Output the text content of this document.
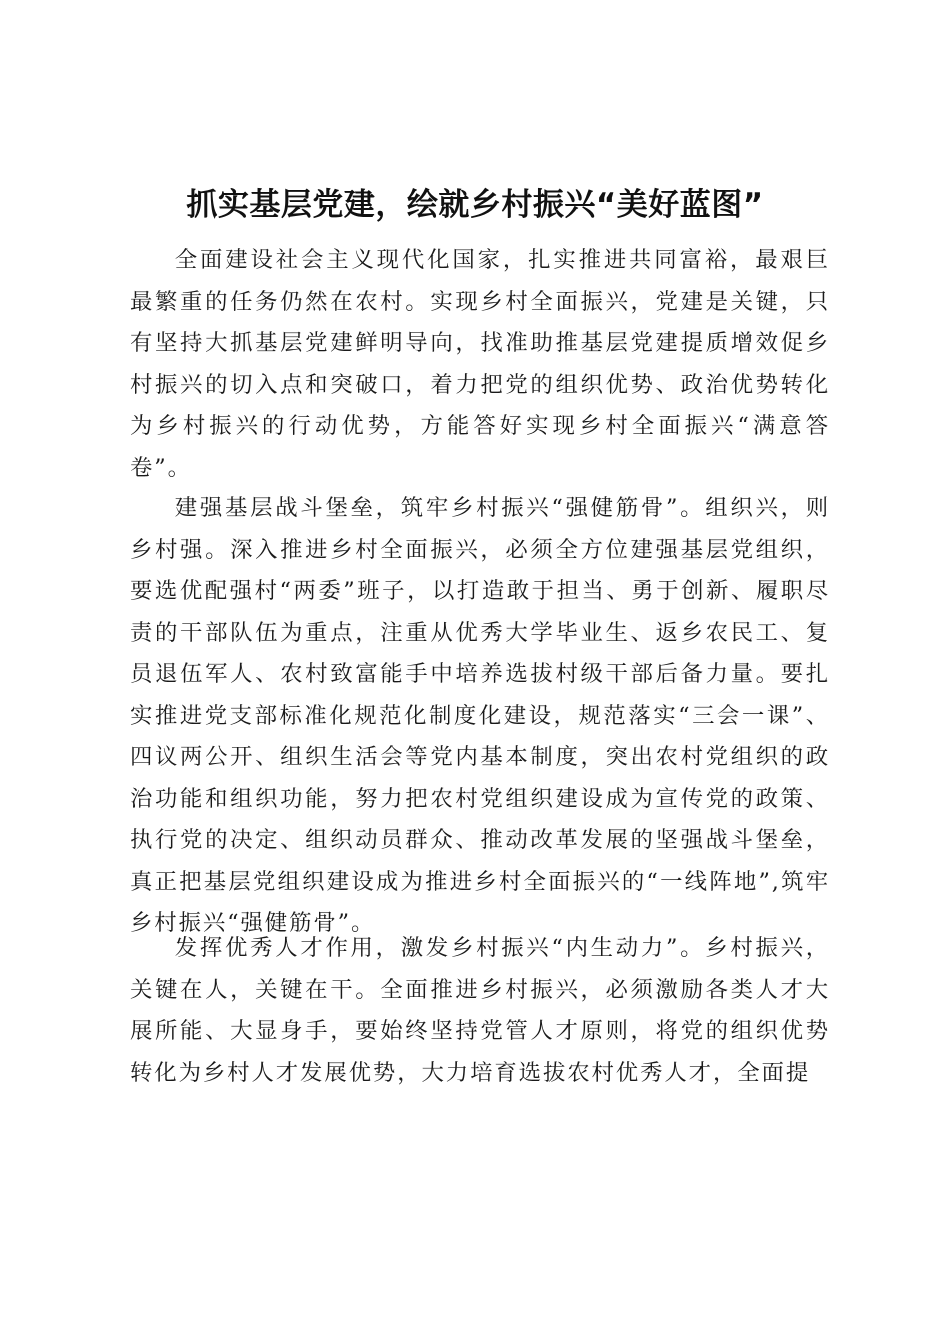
抓实基层党建，绘就乡村振兴“美好蓝图”

全面建设社会主义现代化国家，扎实推进共同富裕，最艰巨最繁重的任务仍然在农村。实现乡村全面振兴，党建是关键，只有坚持大抓基层党建鲜明导向，找准助推基层党建提质增效促乡村振兴的切入点和突破口，着力把党的组织优势、政治优势转化为乡村振兴的行动优势，方能答好实现乡村全面振兴“满意答卷”。

建强基层战斗堡垒，筑牢乡村振兴“强健筋骨”。组织兴，则乡村强。深入推进乡村全面振兴，必须全方位建强基层党组织，要选优配强村“两委”班子，以打造敢于担当、勇于创新、履职尽责的干部队伍为重点，注重从优秀大学毕业生、返乡农民工、复员退伍军人、农村致富能手中培养选拔村级干部后备力量。要扎实推进党支部标准化规范化制度化建设，规范落实“三会一课”、四议两公开、组织生活会等党内基本制度，突出农村党组织的政治功能和组织功能，努力把农村党组织建设成为宣传党的政策、执行党的决定、组织动员群众、推动改革发展的坚强战斗堡垒，真正把基层党组织建设成为推进乡村全面振兴的“一线阵地”,筑牢乡村振兴“强健筋骨”。

发挥优秀人才作用，激发乡村振兴“内生动力”。乡村振兴，关键在人，关键在干。全面推进乡村振兴，必须激励各类人才大展所能、大显身手，要始终坚持党管人才原则，将党的组织优势转化为乡村人才发展优势，大力培育选拔农村优秀人才，全面提
